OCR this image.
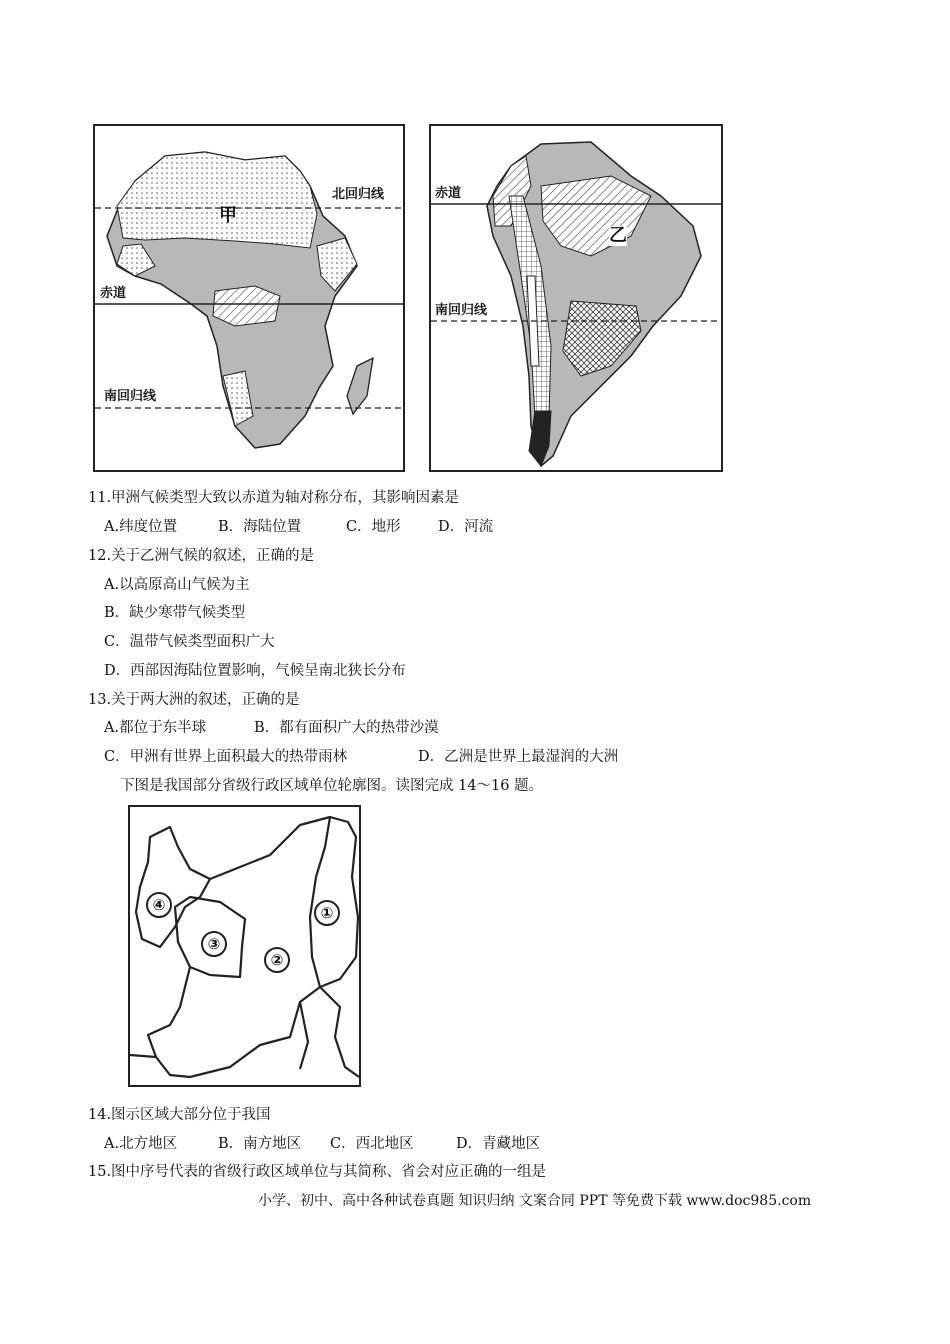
北回归线
赤道
南回归线
甲
赤道
南回归线
乙
11.甲洲气候类型大致以赤道为轴对称分布，其影响因素是
A.纬度位置	B．海陆位置	C．地形	D．河流
12.关于乙洲气候的叙述，正确的是
A.以高原高山气候为主
B．缺少寒带气候类型
C．温带气候类型面积广大
D．西部因海陆位置影响，气候呈南北狭长分布
13.关于两大洲的叙述，正确的是
A.都位于东半球	B．都有面积广大的热带沙漠
C．甲洲有世界上面积最大的热带雨林	D．乙洲是世界上最湿润的大洲
下图是我国部分省级行政区域单位轮廓图。读图完成 14～16 题。
①
②
③
④
14.图示区域大部分位于我国
A.北方地区	B．南方地区 C．西北地区	D．青藏地区
15.图中序号代表的省级行政区域单位与其简称、省会对应正确的一组是
小学、初中、高中各种试卷真题 知识归纳 文案合同 PPT 等免费下载 www.doc985.com
